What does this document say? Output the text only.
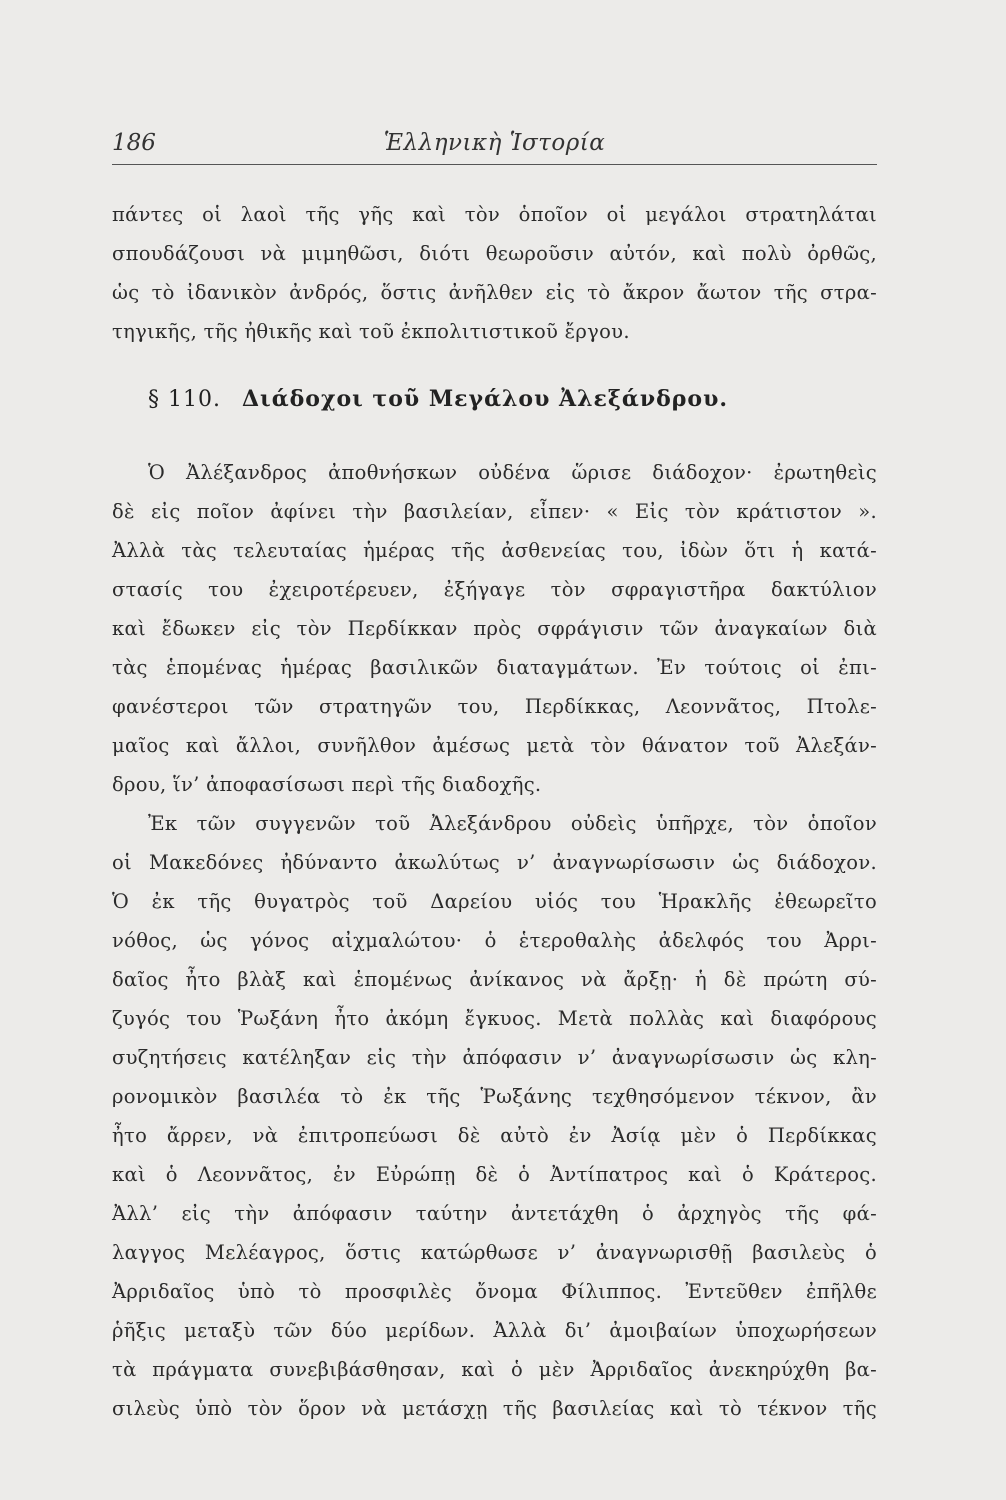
186	Ἑλληνικὴ Ἱστορία
πάντες οἱ λαοὶ τῆς γῆς καὶ τὸν ὁποῖον οἱ μεγάλοι στρατηλάται
σπουδάζουσι νὰ μιμηθῶσι, διότι θεωροῦσιν αὐτόν, καὶ πολὺ ὀρθῶς,
ὡς τὸ ἰδανικὸν ἀνδρός, ὅστις ἀνῆλθεν εἰς τὸ ἄκρον ἄωτον τῆς στρα-
τηγικῆς, τῆς ἠθικῆς καὶ τοῦ ἐκπολιτιστικοῦ ἔργου.
§ 110. Διάδοχοι τοῦ Μεγάλου Ἀλεξάνδρου.
Ὁ Ἀλέξανδρος ἀποθνήσκων οὐδένα ὥρισε διάδοχον· ἐρωτηθεὶς
δὲ εἰς ποῖον ἀφίνει τὴν βασιλείαν, εἶπεν· « Εἰς τὸν κράτιστον ».
Ἀλλὰ τὰς τελευταίας ἡμέρας τῆς ἀσθενείας του, ἰδὼν ὅτι ἡ κατά-
στασίς του ἐχειροτέρευεν, ἐξήγαγε τὸν σφραγιστῆρα δακτύλιον
καὶ ἔδωκεν εἰς τὸν Περδίκκαν πρὸς σφράγισιν τῶν ἀναγκαίων διὰ
τὰς ἑπομένας ἡμέρας βασιλικῶν διαταγμάτων. Ἐν τούτοις οἱ ἐπι-
φανέστεροι τῶν στρατηγῶν του, Περδίκκας, Λεοννᾶτος, Πτολε-
μαῖος καὶ ἄλλοι, συνῆλθον ἀμέσως μετὰ τὸν θάνατον τοῦ Ἀλεξάν-
δρου, ἵν’ ἀποφασίσωσι περὶ τῆς διαδοχῆς.
Ἐκ τῶν συγγενῶν τοῦ Ἀλεξάνδρου οὐδεὶς ὑπῆρχε, τὸν ὁποῖον
οἱ Μακεδόνες ἠδύναντο ἀκωλύτως ν’ ἀναγνωρίσωσιν ὡς διάδοχον.
Ὁ ἐκ τῆς θυγατρὸς τοῦ Δαρείου υἱός του Ἡρακλῆς ἐθεωρεῖτο
νόθος, ὡς γόνος αἰχμαλώτου· ὁ ἑτεροθαλὴς ἀδελφός του Ἀρρι-
δαῖος ἦτο βλὰξ καὶ ἑπομένως ἀνίκανος νὰ ἄρξῃ· ἡ δὲ πρώτη σύ-
ζυγός του Ῥωξάνη ἦτο ἀκόμη ἔγκυος. Μετὰ πολλὰς καὶ διαφόρους
συζητήσεις κατέληξαν εἰς τὴν ἀπόφασιν ν’ ἀναγνωρίσωσιν ὡς κλη-
ρονομικὸν βασιλέα τὸ ἐκ τῆς Ῥωξάνης τεχθησόμενον τέκνον, ἂν
ἦτο ἄρρεν, νὰ ἐπιτροπεύωσι δὲ αὐτὸ ἐν Ἀσίᾳ μὲν ὁ Περδίκκας
καὶ ὁ Λεοννᾶτος, ἐν Εὐρώπῃ δὲ ὁ Ἀντίπατρος καὶ ὁ Κράτερος.
Ἀλλ’ εἰς τὴν ἀπόφασιν ταύτην ἀντετάχθη ὁ ἀρχηγὸς τῆς φά-
λαγγος Μελέαγρος, ὅστις κατώρθωσε ν’ ἀναγνωρισθῇ βασιλεὺς ὁ
Ἀρριδαῖος ὑπὸ τὸ προσφιλὲς ὄνομα Φίλιππος. Ἐντεῦθεν ἐπῆλθε
ῥῆξις μεταξὺ τῶν δύο μερίδων. Ἀλλὰ δι’ ἀμοιβαίων ὑποχωρήσεων
τὰ πράγματα συνεβιβάσθησαν, καὶ ὁ μὲν Ἀρριδαῖος ἀνεκηρύχθη βα-
σιλεὺς ὑπὸ τὸν ὅρον νὰ μετάσχῃ τῆς βασιλείας καὶ τὸ τέκνον τῆς
